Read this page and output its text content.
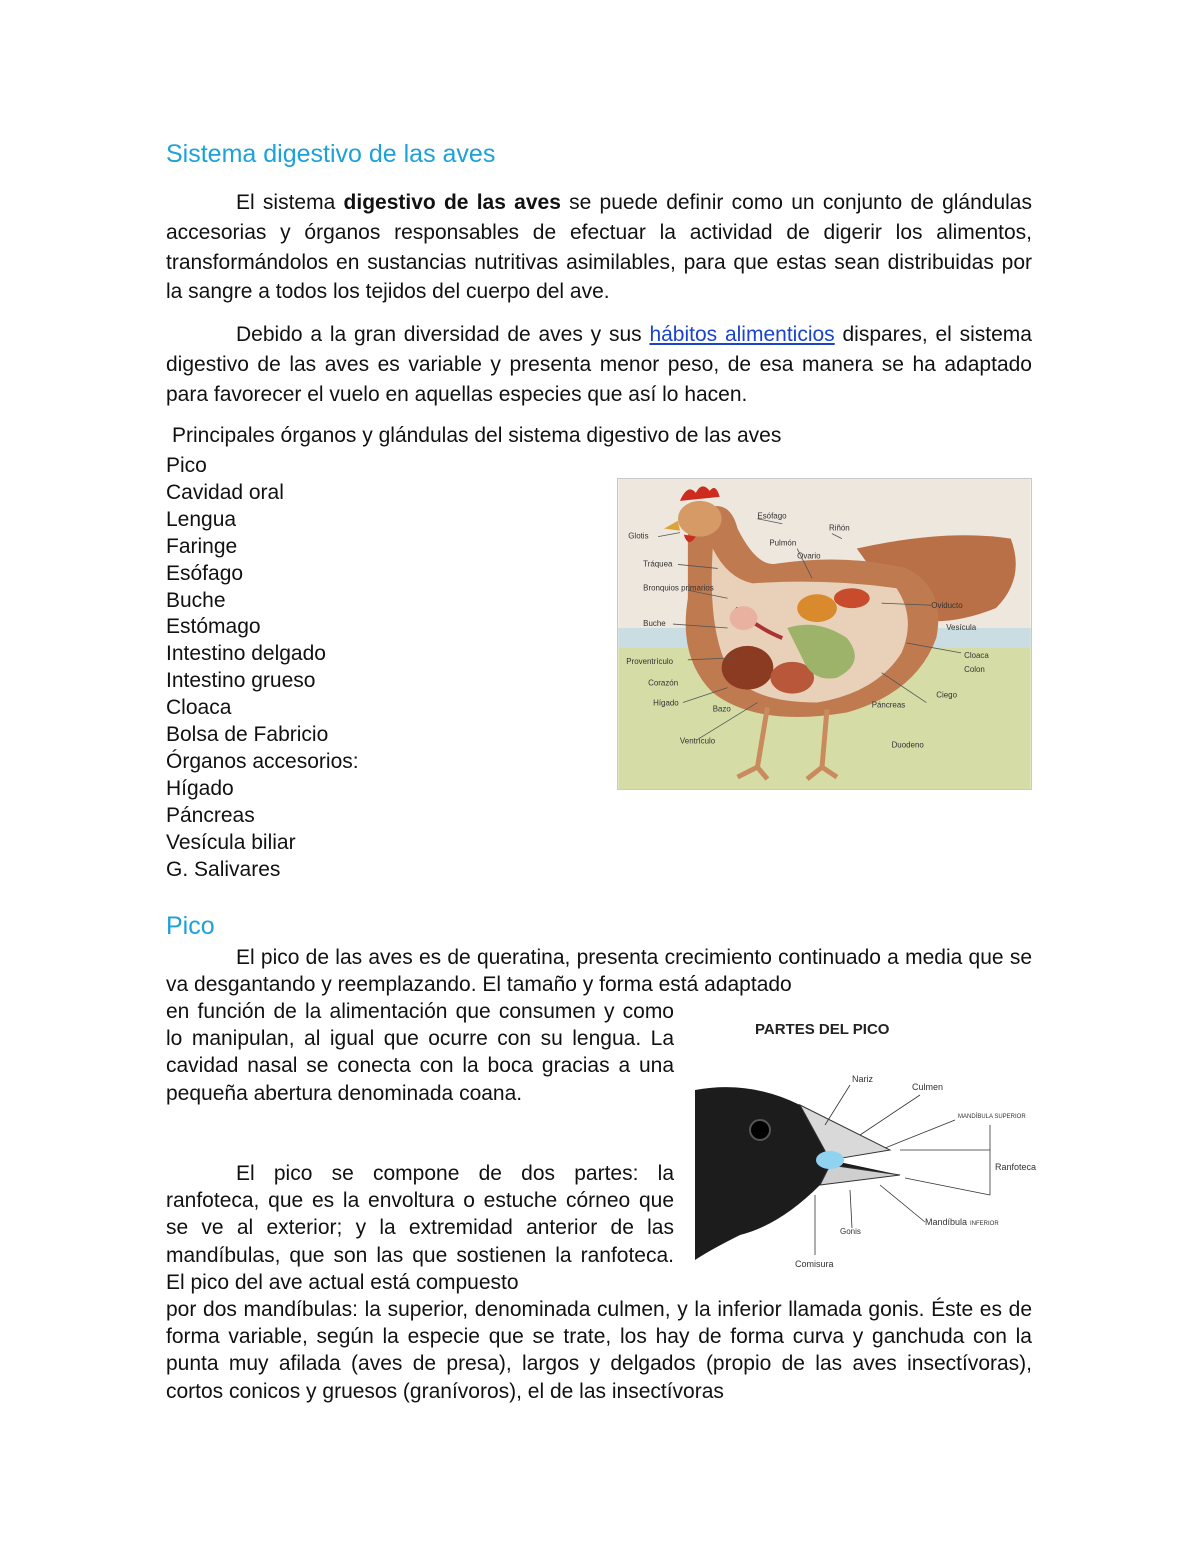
Sistema digestivo de las aves

El sistema digestivo de las aves se puede definir como un conjunto de glándulas accesorias y órganos responsables de efectuar la actividad de digerir los alimentos, transformándolos en sustancias nutritivas asimilables, para que estas sean distribuidas por la sangre a todos los tejidos del cuerpo del ave.

Debido a la gran diversidad de aves y sus hábitos alimenticios dispares, el sistema digestivo de las aves es variable y presenta menor peso, de esa manera se ha adaptado para favorecer el vuelo en aquellas especies que así lo hacen.

Principales órganos y glándulas del sistema digestivo de las aves
Pico
Cavidad oral
Lengua
Faringe
Esófago
Buche
Estómago
Intestino delgado
Intestino grueso
Cloaca
Bolsa de Fabricio
Órganos accesorios:
Hígado
Páncreas
Vesícula biliar
G. Salivares
Esófago
Riñón
Glotis
Pulmón
Ovario
Tráquea
Bronquios primarios
Oviducto
Buche	Vesícula
Proventrículo
Cloaca
Colon
Corazón
Ciego
Hígado
Bazo	Páncreas
Ventrículo	Duodeno
Pico

El pico de las aves es de queratina, presenta crecimiento continuado a media que se va desgantando y reemplazando. El tamaño y forma está adaptado

en función de la alimentación que consumen y como lo manipulan, al igual que ocurre con su lengua. La cavidad nasal se conecta con la boca gracias a una pequeña abertura denominada coana.

El pico se compone de dos partes: la ranfoteca, que es la envoltura o estuche córneo que se ve al exterior; y la extremidad anterior de las mandíbulas, que son las que sostienen la ranfoteca. El pico del ave actual está compuesto

por dos mandíbulas: la superior, denominada culmen, y la inferior llamada gonis. Éste es de forma variable, según la especie que se trate, los hay de forma curva y ganchuda con la punta muy afilada (aves de presa), largos y delgados (propio de las aves insectívoras), cortos conicos y gruesos (granívoros), el de las insectívoras

PARTES DEL PICO
Nariz
Culmen
MANDÍBULA SUPERIOR
Ranfoteca
Mandíbula INFERIOR
Gonis
Comisura
